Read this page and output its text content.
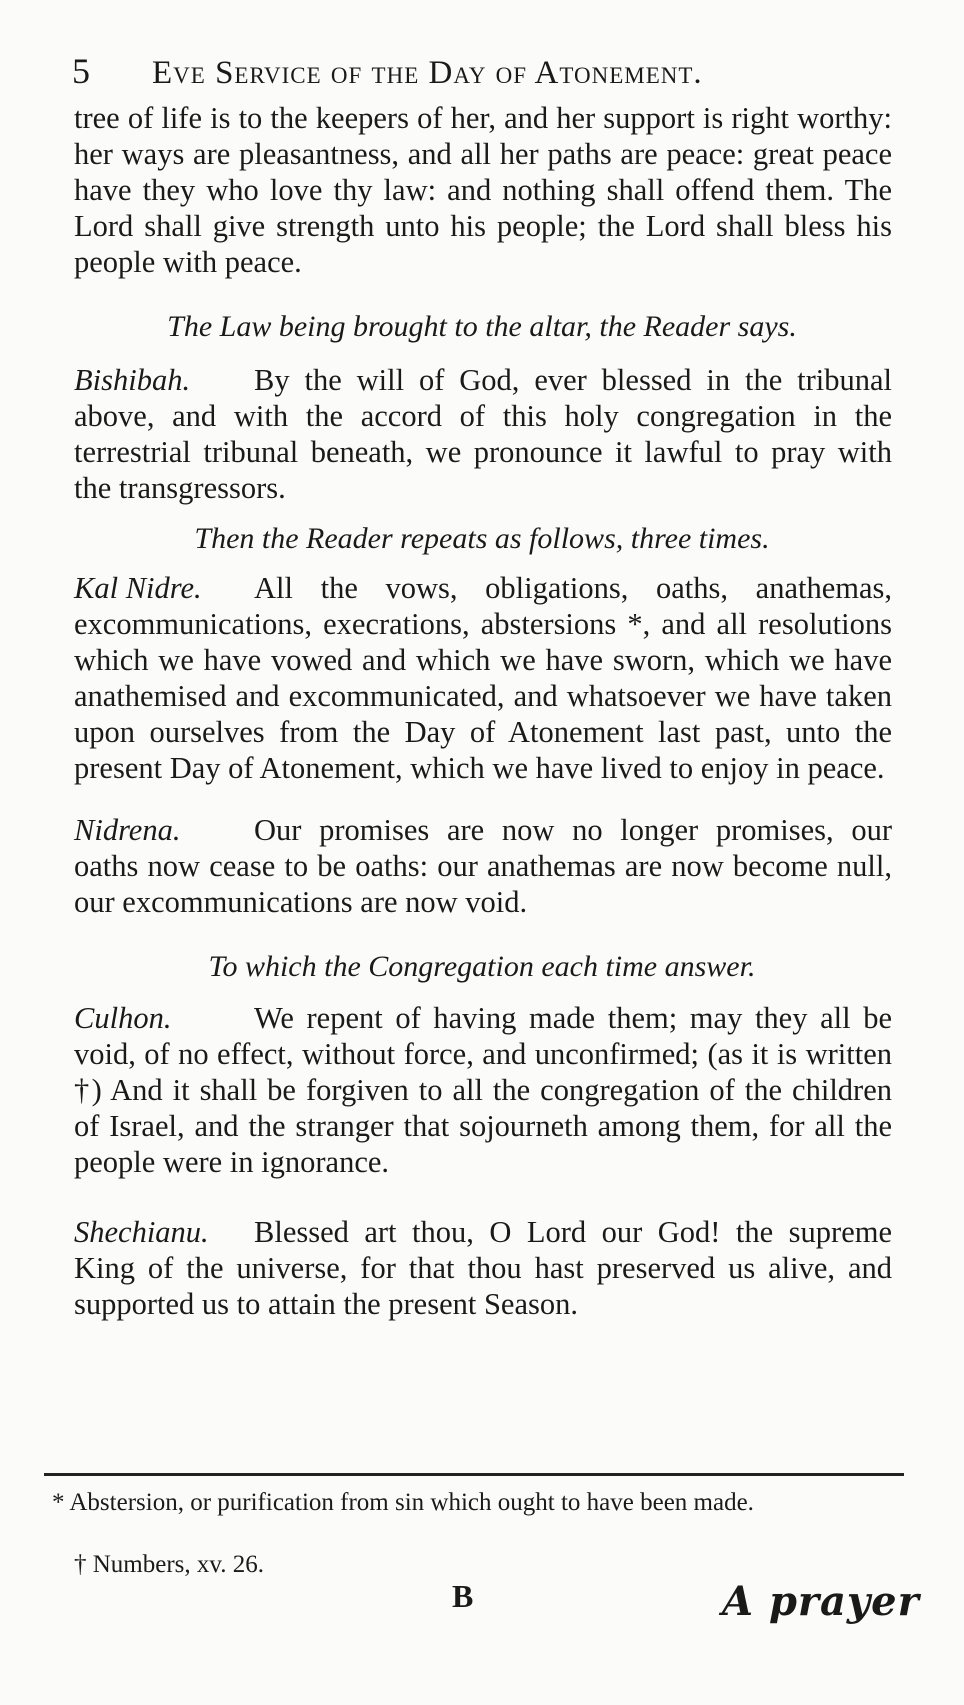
5 Eve Service of the Day of Atonement.
tree of life is to the keepers of her, and her support is right worthy: her ways are pleasantness, and all her paths are peace: great peace have they who love thy law: and nothing shall offend them. The Lord shall give strength unto his people; the Lord shall bless his people with peace.
The Law being brought to the altar, the Reader says.
Bishibah. By the will of God, ever blessed in the tribunal above, and with the accord of this holy congregation in the terrestrial tribunal beneath, we pronounce it lawful to pray with the transgressors.
Then the Reader repeats as follows, three times.
Kal Nidre. All the vows, obligations, oaths, anathemas, excommunications, execrations, abstersions *, and all resolutions which we have vowed and which we have sworn, which we have anathemised and excommunicated, and whatsoever we have taken upon ourselves from the Day of Atonement last past, unto the present Day of Atonement, which we have lived to enjoy in peace.
Nidrena. Our promises are now no longer promises, our oaths now cease to be oaths: our anathemas are now become null, our excommunications are now void.
To which the Congregation each time answer.
Culhon.	We repent of having made them; may they all be void, of no effect, without force, and unconfirmed; (as it is written †) And it shall be forgiven to all the congregation of the children of Israel, and the stranger that sojourneth among them, for all the people were in ignorance.
Shechianu. Blessed art thou, O Lord our God! the supreme King of the universe, for that thou hast preserved us alive, and supported us to attain the present Season.
* Abstersion, or purification from sin which ought to have been made.
† Numbers, xv. 26.
B	A prayer
